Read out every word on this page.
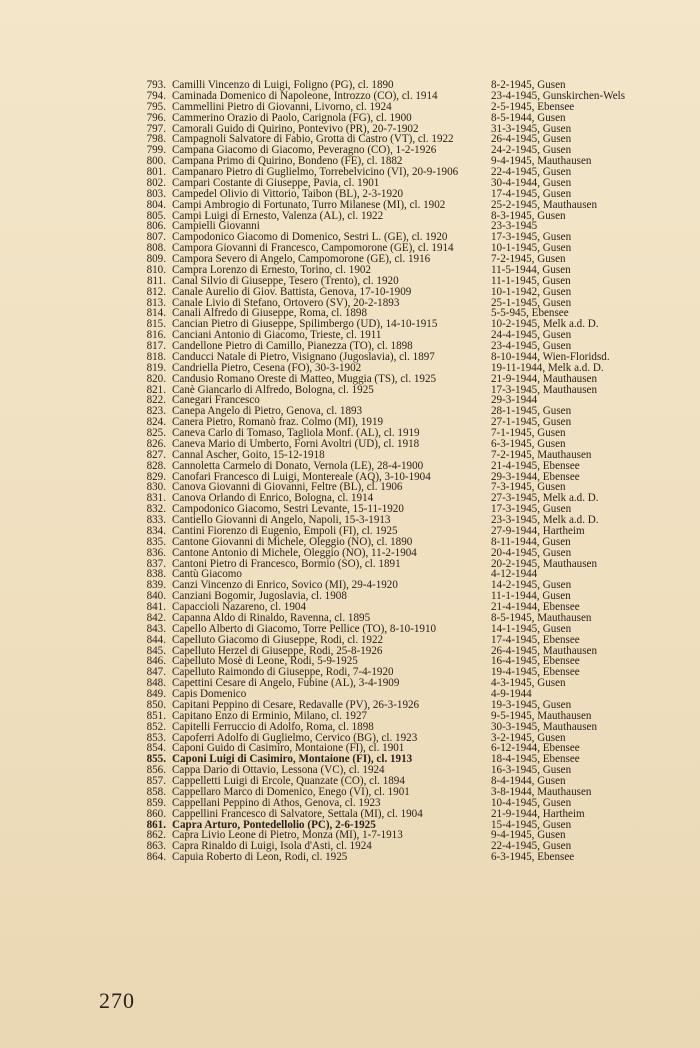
793. Camilli Vincenzo di Luigi, Foligno (PG), cl. 1890	8-2-1945, Gusen
794. Caminada Domenico di Napoleone, Introzzo (CO), cl. 1914	23-4-1945, Gunskirchen-Wels
795. Cammellini Pietro di Giovanni, Livorno, cl. 1924	2-5-1945, Ebensee
796. Cammerino Orazio di Paolo, Carignola (FG), cl. 1900	8-5-1944, Gusen
797. Camorali Guido di Quirino, Pontevivo (PR), 20-7-1902	31-3-1945, Gusen
798. Campagnoli Salvatore di Fabio, Grotta di Castro (VT), cl. 1922	26-4-1945, Gusen
799. Campana Giacomo di Giacomo, Peveragno (CO), 1-2-1926	24-2-1945, Gusen
800. Campana Primo di Quirino, Bondeno (FE), cl. 1882	9-4-1945, Mauthausen
801. Campanaro Pietro di Guglielmo, Torrebelvicino (VI), 20-9-1906	22-4-1945, Gusen
802. Campari Costante di Giuseppe, Pavia, cl. 1901	30-4-1944, Gusen
803. Campedel Olivio di Vittorio, Taibon (BL), 2-3-1920	17-4-1945, Gusen
804. Campi Ambrogio di Fortunato, Turro Milanese (MI), cl. 1902	25-2-1945, Mauthausen
805. Campi Luigi di Ernesto, Valenza (AL), cl. 1922	8-3-1945, Gusen
806. Campielli Giovanni	23-3-1945
807. Campodonico Giacomo di Domenico, Sestri L. (GE), cl. 1920	17-3-1945, Gusen
808. Campora Giovanni di Francesco, Campomorone (GE), cl. 1914	10-1-1945, Gusen
809. Campora Severo di Angelo, Campomorone (GE), cl. 1916	7-2-1945, Gusen
810. Campra Lorenzo di Ernesto, Torino, cl. 1902	11-5-1944, Gusen
811. Canal Silvio di Giuseppe, Tesero (Trento), cl. 1920	11-1-1945, Gusen
812. Canale Aurelio di Giov. Battista, Genova, 17-10-1909	10-1-1942, Gusen
813. Canale Livio di Stefano, Ortovero (SV), 20-2-1893	25-1-1945, Gusen
814. Canali Alfredo di Giuseppe, Roma, cl. 1898	5-5-945, Ebensee
815. Cancian Pietro di Giuseppe, Spilimbergo (UD), 14-10-1915	10-2-1945, Melk a.d. D.
816. Canciani Antonio di Giacomo, Trieste, cl. 1911	24-4-1945, Gusen
817. Candellone Pietro di Camillo, Pianezza (TO), cl. 1898	23-4-1945, Gusen
818. Canducci Natale di Pietro, Visignano (Jugoslavia), cl. 1897	8-10-1944, Wien-Floridsd.
819. Candriella Pietro, Cesena (FO), 30-3-1902	19-11-1944, Melk a.d. D.
820. Candusio Romano Oreste di Matteo, Muggia (TS), cl. 1925	21-9-1944, Mauthausen
821. Canè Giancarlo di Alfredo, Bologna, cl. 1925	17-3-1945, Mauthausen
822. Canegari Francesco	29-3-1944
823. Canepa Angelo di Pietro, Genova, cl. 1893	28-1-1945, Gusen
824. Canera Pietro, Romanò fraz. Colmo (MI), 1919	27-1-1945, Gusen
825. Caneva Carlo di Tomaso, Tagliola Monf. (AL), cl. 1919	7-1-1945, Gusen
826. Caneva Mario di Umberto, Forni Avoltri (UD), cl. 1918	6-3-1945, Gusen
827. Cannal Ascher, Goito, 15-12-1918	7-2-1945, Mauthausen
828. Cannoletta Carmelo di Donato, Vernola (LE), 28-4-1900	21-4-1945, Ebensee
829. Canofari Francesco di Luigi, Montereale (AQ), 3-10-1904	29-3-1944, Ebensee
830. Canova Giovanni di Giovanni, Feltre (BL), cl. 1906	7-3-1945, Gusen
831. Canova Orlando di Enrico, Bologna, cl. 1914	27-3-1945, Melk a.d. D.
832. Campodonico Giacomo, Sestri Levante, 15-11-1920	17-3-1945, Gusen
833. Cantiello Giovanni di Angelo, Napoli, 15-3-1913	23-3-1945, Melk a.d. D.
834. Cantini Fiorenzo di Eugenio, Empoli (FI), cl. 1925	27-9-1944, Hartheim
835. Cantone Giovanni di Michele, Oleggio (NO), cl. 1890	8-11-1944, Gusen
836. Cantone Antonio di Michele, Oleggio (NO), 11-2-1904	20-4-1945, Gusen
837. Cantoni Pietro di Francesco, Bormio (SO), cl. 1891	20-2-1945, Mauthausen
838. Cantù Giacomo	4-12-1944
839. Canzi Vincenzo di Enrico, Sovico (MI), 29-4-1920	14-2-1945, Gusen
840. Canziani Bogomir, Jugoslavia, cl. 1908	11-1-1944, Gusen
841. Capaccioli Nazareno, cl. 1904	21-4-1944, Ebensee
842. Capanna Aldo di Rinaldo, Ravenna, cl. 1895	8-5-1945, Mauthausen
843. Capello Alberto di Giacomo, Torre Pellice (TO), 8-10-1910	14-1-1945, Gusen
844. Capelluto Giacomo di Giuseppe, Rodi, cl. 1922	17-4-1945, Ebensee
845. Capelluto Herzel di Giuseppe, Rodi, 25-8-1926	26-4-1945, Mauthausen
846. Capelluto Mosè di Leone, Rodi, 5-9-1925	16-4-1945, Ebensee
847. Capelluto Raimondo di Giuseppe, Rodi, 7-4-1920	19-4-1945, Ebensee
848. Capettini Cesare di Angelo, Fubine (AL), 3-4-1909	4-3-1945, Gusen
849. Capis Domenico	4-9-1944
850. Capitani Peppino di Cesare, Redavalle (PV), 26-3-1926	19-3-1945, Gusen
851. Capitano Enzo di Erminio, Milano, cl. 1927	9-5-1945, Mauthausen
852. Capitelli Ferruccio di Adolfo, Roma, cl. 1898	30-3-1945, Mauthausen
853. Capoferri Adolfo di Guglielmo, Cervico (BG), cl. 1923	3-2-1945, Gusen
854. Caponi Guido di Casimiro, Montaione (FI), cl. 1901	6-12-1944, Ebensee
855. Caponi Luigi di Casimiro, Montaione (FI), cl. 1913	18-4-1945, Ebensee
856. Cappa Dario di Ottavio, Lessona (VC), cl. 1924	16-3-1945, Gusen
857. Cappelletti Luigi di Ercole, Quanzate (CO), cl. 1894	8-4-1944, Gusen
858. Cappellaro Marco di Domenico, Enego (VI), cl. 1901	3-8-1944, Mauthausen
859. Cappellani Peppino di Athos, Genova, cl. 1923	10-4-1945, Gusen
860. Cappellini Francesco di Salvatore, Settala (MI), cl. 1904	21-9-1944, Hartheim
861. Capra Arturo, Pontedellolio (PC), 2-6-1925	15-4-1945, Gusen
862. Capra Livio Leone di Pietro, Monza (MI), 1-7-1913	9-4-1945, Gusen
863. Capra Rinaldo di Luigi, Isola d'Asti, cl. 1924	22-4-1945, Gusen
864. Capuia Roberto di Leon, Rodi, cl. 1925	6-3-1945, Ebensee
270
